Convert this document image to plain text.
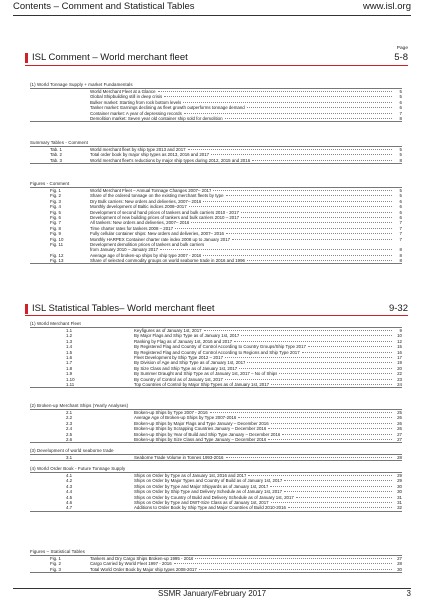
Contents – Comment and Statistical Tables	www.isl.org
Page
ISL Comment – World merchant fleet	5-8
(1) World Tonnage Supply + market Fundamentals
World Merchant Fleet at a Glance	5
Global Shipbuilding still in deep crisis	5
Bulker market: Starting from rock bottom levels	6
Tanker market: Earnings declining as fleet growth outperforms tonnage demand	6
Container market: A year of depressing records	7
Demolition market: Seven year old container ship sold for demolition	8
Summary Tables - Comment
Tab. 1	World merchant fleet by ship type 2013 and 2017	5
Tab. 2	Total order book by major ship types as 2013, 2016 and 2017	5
Tab. 3	World merchant fleet's reductions by major ship types during 2012, 2015 and 2016	8
Figures - Comment
Fig. 1	World Merchant Fleet – Annual Tonnage Changes 2007– 2017	5
Fig. 2	Share of the ordered tonnage on the existing merchant fleets by type	5
Fig. 3	Dry Bulk carriers: New orders and deliveries, 2007– 2016	6
Fig. 4	Monthly development of Baltic indices 2008–2017	6
Fig. 5	Development of second hand prices of tankers and bulk carriers 2010 - 2017	6
Fig. 6	Development of new building prices of tankers and bulk carriers 2010 – 2017	6
Fig. 7	All tankers: New orders and deliveries, 2007– 2016	7
Fig. 8	Time charter rates for tankers 2008 – 2017	7
Fig. 9	Fully cellular container ships: New orders and deliveries, 2007– 2016	7
Fig. 10	Monthly HARPEX Container charter rate index 2008 up to January 2017	7
Fig. 11	Development demolition prices of tankers and bulk carriers
from January 2010 – January 2017	8
Fig. 12	Average age of broken-up ships by ship type 2007 - 2016	8
Fig. 13	Share of selected commodity groups on world seaborne trade in 2016 and 1996	8
ISL Statistical Tables– World merchant fleet	9-32
(1) World Merchant Fleet
1.1	Keyfigures as of January 1st, 2017	9
1.2	By Major Flags and Ship Type as of January 1st, 2017	10
1.3	Ranking by Flag as of January 1st, 2016 and 2017	12
1.4	By Registered Flag and Country of Control According to Country Groups/Ship Type 2017	15
1.5	By Registered Flag and Country of Control According to Regions and Ship Type 2017	16
1.6	Fleet Development by Ship Type 2012 – 2017	17
1.7	By Division of Age and Ship Type as of January 1st, 2017	19
1.8	By Size Class and Ship Type as of January 1st, 2017	20
1.9	By Summer Draught and Ship Type as of January 1st, 2017 – No of Ships	22
1.10	By Country of Control as of January 1st, 2017	23
1.11	Top Countries of Control by Major Ship Types as of January 1st, 2017	24
(2) Broken-up Merchant Ships (Yearly Analyses)
2.1	Broken-up Ships by Type 2007 - 2016	25
2.2	Average Age of Broken-up Ships by Type 2007-2016	26
2.3	Broken-up Ships by Major Flags and Type January – December 2016	26
2.4	Broken-up Ships by Scrapping Countries January – December 2016	26
2.5	Broken-up Ships by Year of Build and Ship Type January – December 2016	27
2.6	Broken-up Ships by Size Class and Type January – December 2016	27
(3) Development of world seaborne trade
3.1	Seaborne Trade Volume in Tonnes 1993-2016	28
(4) World Order Book - Future Tonnage Supply
4.1	Ships on Order by Type as of January 1st, 2016 and 2017	29
4.2	Ships on Order by Major Types and Country of Build as of January 1st, 2017	29
4.3	Ships on Order by Type and Major Shipyards as of January 1st, 2017	30
4.4	Ships on Order by Ship Type and Delivery Schedule as of January 1st, 2017	30
4.5	Ships on Order by Country of Build and Delivery Schedule as of January 1st, 2017	31
4.6	Ships on Order by Type and DWT-Size Class as of January 1st, 2017	31
4.7	Additions to Order Book by Ship Type and Major Countries of Build 2010-2016	32
Figures – Statistical Tables
Fig. 1	Tankers and Dry Cargo Ships Broken-up 1995 - 2016	27
Fig. 2	Cargo Carried by World Fleet 1997 - 2016	28
Fig. 3	Total World Order Book by Major ship types 2008-2017	30
SSMR January/February 2017	3
